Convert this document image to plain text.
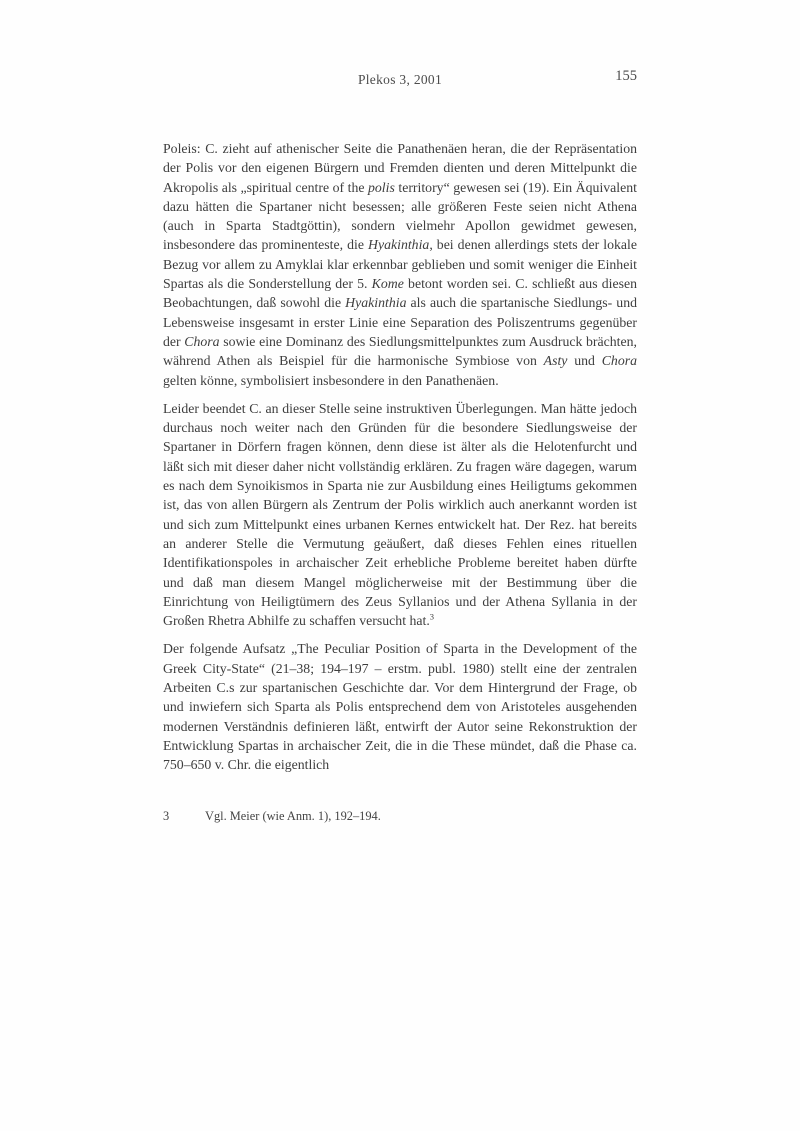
Plekos 3, 2001	155

Poleis: C. zieht auf athenischer Seite die Panathenäen heran, die der Repräsentation der Polis vor den eigenen Bürgern und Fremden dienten und deren Mittelpunkt die Akropolis als „spiritual centre of the polis territory“ gewesen sei (19). Ein Äquivalent dazu hätten die Spartaner nicht besessen; alle größeren Feste seien nicht Athena (auch in Sparta Stadtgöttin), sondern vielmehr Apollon gewidmet gewesen, insbesondere das prominenteste, die Hyakinthia, bei denen allerdings stets der lokale Bezug vor allem zu Amyklai klar erkennbar geblieben und somit weniger die Einheit Spartas als die Sonderstellung der 5. Kome betont worden sei. C. schließt aus diesen Beobachtungen, daß sowohl die Hyakinthia als auch die spartanische Siedlungs- und Lebensweise insgesamt in erster Linie eine Separation des Poliszentrums gegenüber der Chora sowie eine Dominanz des Siedlungsmittelpunktes zum Ausdruck brächten, während Athen als Beispiel für die harmonische Symbiose von Asty und Chora gelten könne, symbolisiert insbesondere in den Panathenäen.

Leider beendet C. an dieser Stelle seine instruktiven Überlegungen. Man hätte jedoch durchaus noch weiter nach den Gründen für die besondere Siedlungsweise der Spartaner in Dörfern fragen können, denn diese ist älter als die Helotenfurcht und läßt sich mit dieser daher nicht vollständig erklären. Zu fragen wäre dagegen, warum es nach dem Synoikismos in Sparta nie zur Ausbildung eines Heiligtums gekommen ist, das von allen Bürgern als Zentrum der Polis wirklich auch anerkannt worden ist und sich zum Mittelpunkt eines urbanen Kernes entwickelt hat. Der Rez. hat bereits an anderer Stelle die Vermutung geäußert, daß dieses Fehlen eines rituellen Identifikationspoles in archaischer Zeit erhebliche Probleme bereitet haben dürfte und daß man diesem Mangel möglicherweise mit der Bestimmung über die Einrichtung von Heiligtümern des Zeus Syllanios und der Athena Syllania in der Großen Rhetra Abhilfe zu schaffen versucht hat.$^3$

Der folgende Aufsatz „The Peculiar Position of Sparta in the Development of the Greek City-State“ (21–38; 194–197 – erstm. publ. 1980) stellt eine der zentralen Arbeiten C.s zur spartanischen Geschichte dar. Vor dem Hintergrund der Frage, ob und inwiefern sich Sparta als Polis entsprechend dem von Aristoteles ausgehenden modernen Verständnis definieren läßt, entwirft der Autor seine Rekonstruktion der Entwicklung Spartas in archaischer Zeit, die in die These mündet, daß die Phase ca. 750–650 v. Chr. die eigentlich

3	Vgl. Meier (wie Anm. 1), 192–194.
